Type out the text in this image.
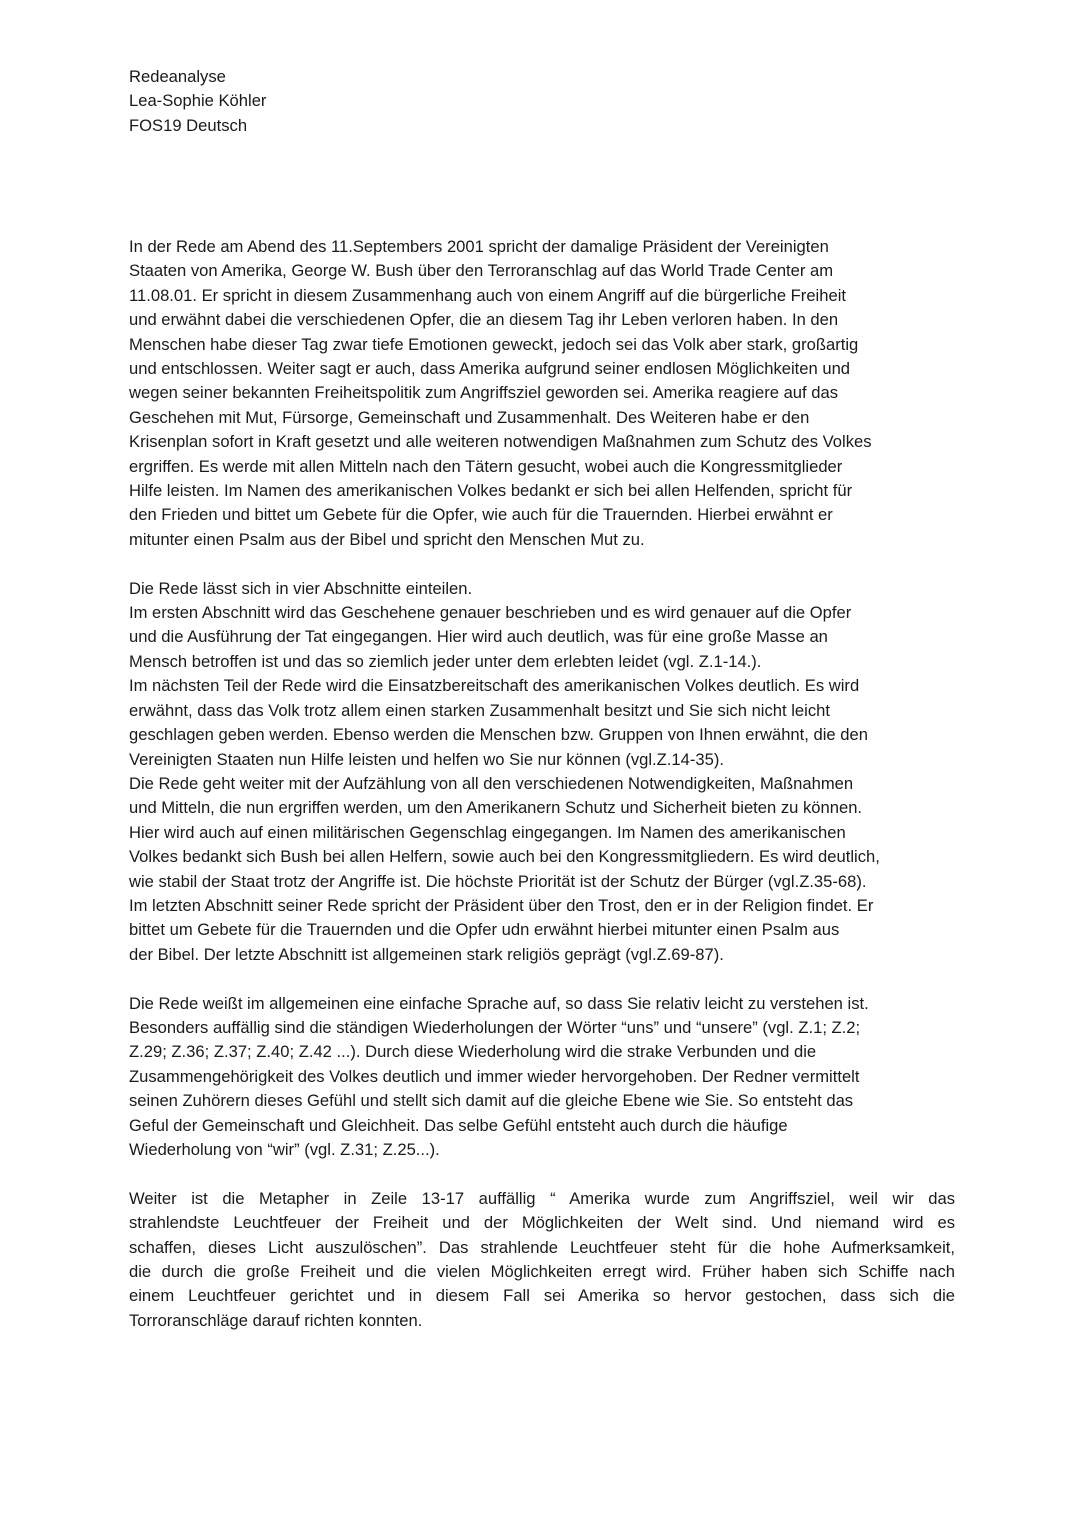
Redeanalyse
Lea-Sophie Köhler
FOS19 Deutsch
In der Rede am Abend des 11.Septembers 2001 spricht der damalige Präsident der Vereinigten
Staaten von Amerika, George W. Bush über den Terroranschlag auf das World Trade Center am
11.08.01. Er spricht in diesem Zusammenhang auch von einem Angriff auf die bürgerliche Freiheit
und erwähnt dabei die verschiedenen Opfer, die an diesem Tag ihr Leben verloren haben. In den
Menschen habe dieser Tag zwar tiefe Emotionen geweckt, jedoch sei das Volk aber stark, großartig
und entschlossen. Weiter sagt er auch, dass Amerika aufgrund seiner endlosen Möglichkeiten und
wegen seiner bekannten Freiheitspolitik zum Angriffsziel geworden sei. Amerika reagiere auf das
Geschehen mit Mut, Fürsorge, Gemeinschaft und Zusammenhalt. Des Weiteren habe er den
Krisenplan sofort in Kraft gesetzt und alle weiteren notwendigen Maßnahmen zum Schutz des Volkes
ergriffen. Es werde mit allen Mitteln nach den Tätern gesucht, wobei auch die Kongressmitglieder
Hilfe leisten. Im Namen des amerikanischen Volkes bedankt er sich bei allen Helfenden, spricht für
den Frieden und bittet um Gebete für die Opfer, wie auch für die Trauernden. Hierbei erwähnt er
mitunter einen Psalm aus der Bibel und spricht den Menschen Mut zu.
Die Rede lässt sich in vier Abschnitte einteilen.
Im ersten Abschnitt wird das Geschehene genauer beschrieben und es wird genauer auf die Opfer
und die Ausführung der Tat eingegangen. Hier wird auch deutlich, was für eine große Masse an
Mensch betroffen ist und das so ziemlich jeder unter dem erlebten leidet (vgl. Z.1-14.).
Im nächsten Teil der Rede wird die Einsatzbereitschaft des amerikanischen Volkes deutlich. Es wird
erwähnt, dass das Volk trotz allem einen starken Zusammenhalt besitzt und Sie sich nicht leicht
geschlagen geben werden. Ebenso werden die Menschen bzw. Gruppen von Ihnen erwähnt, die den
Vereinigten Staaten nun Hilfe leisten und helfen wo Sie nur können (vgl.Z.14-35).
Die Rede geht weiter mit der Aufzählung von all den verschiedenen Notwendigkeiten, Maßnahmen
und Mitteln, die nun ergriffen werden, um den Amerikanern Schutz und Sicherheit bieten zu können.
Hier wird auch auf einen militärischen Gegenschlag eingegangen. Im Namen des amerikanischen
Volkes bedankt sich Bush bei allen Helfern, sowie auch bei den Kongressmitgliedern. Es wird deutlich,
wie stabil der Staat trotz der Angriffe ist. Die höchste Priorität ist der Schutz der Bürger (vgl.Z.35-68).
Im letzten Abschnitt seiner Rede spricht der Präsident über den Trost, den er in der Religion findet. Er
bittet um Gebete für die Trauernden und die Opfer udn erwähnt hierbei mitunter einen Psalm aus
der Bibel. Der letzte Abschnitt ist allgemeinen stark religiös geprägt (vgl.Z.69-87).
Die Rede weißt im allgemeinen eine einfache Sprache auf, so dass Sie relativ leicht zu verstehen ist.
Besonders auffällig sind die ständigen Wiederholungen der Wörter “uns” und “unsere” (vgl. Z.1; Z.2;
Z.29; Z.36; Z.37; Z.40; Z.42 ...). Durch diese Wiederholung wird die strake Verbunden und die
Zusammengehörigkeit des Volkes deutlich und immer wieder hervorgehoben. Der Redner vermittelt
seinen Zuhörern dieses Gefühl und stellt sich damit auf die gleiche Ebene wie Sie. So entsteht das
Geful der Gemeinschaft und Gleichheit. Das selbe Gefühl entsteht auch durch die häufige
Wiederholung von “wir” (vgl. Z.31; Z.25...).
Weiter ist die Metapher in Zeile 13-17 auffällig “ Amerika wurde zum Angriffsziel, weil wir das
strahlendste Leuchtfeuer der Freiheit und der Möglichkeiten der Welt sind. Und niemand wird es
schaffen, dieses Licht auszulöschen”. Das strahlende Leuchtfeuer steht für die hohe Aufmerksamkeit,
die durch die große Freiheit und die vielen Möglichkeiten erregt wird. Früher haben sich Schiffe nach
einem Leuchtfeuer gerichtet und in diesem Fall sei Amerika so hervor gestochen, dass sich die
Torroranschläge darauf richten konnten.
